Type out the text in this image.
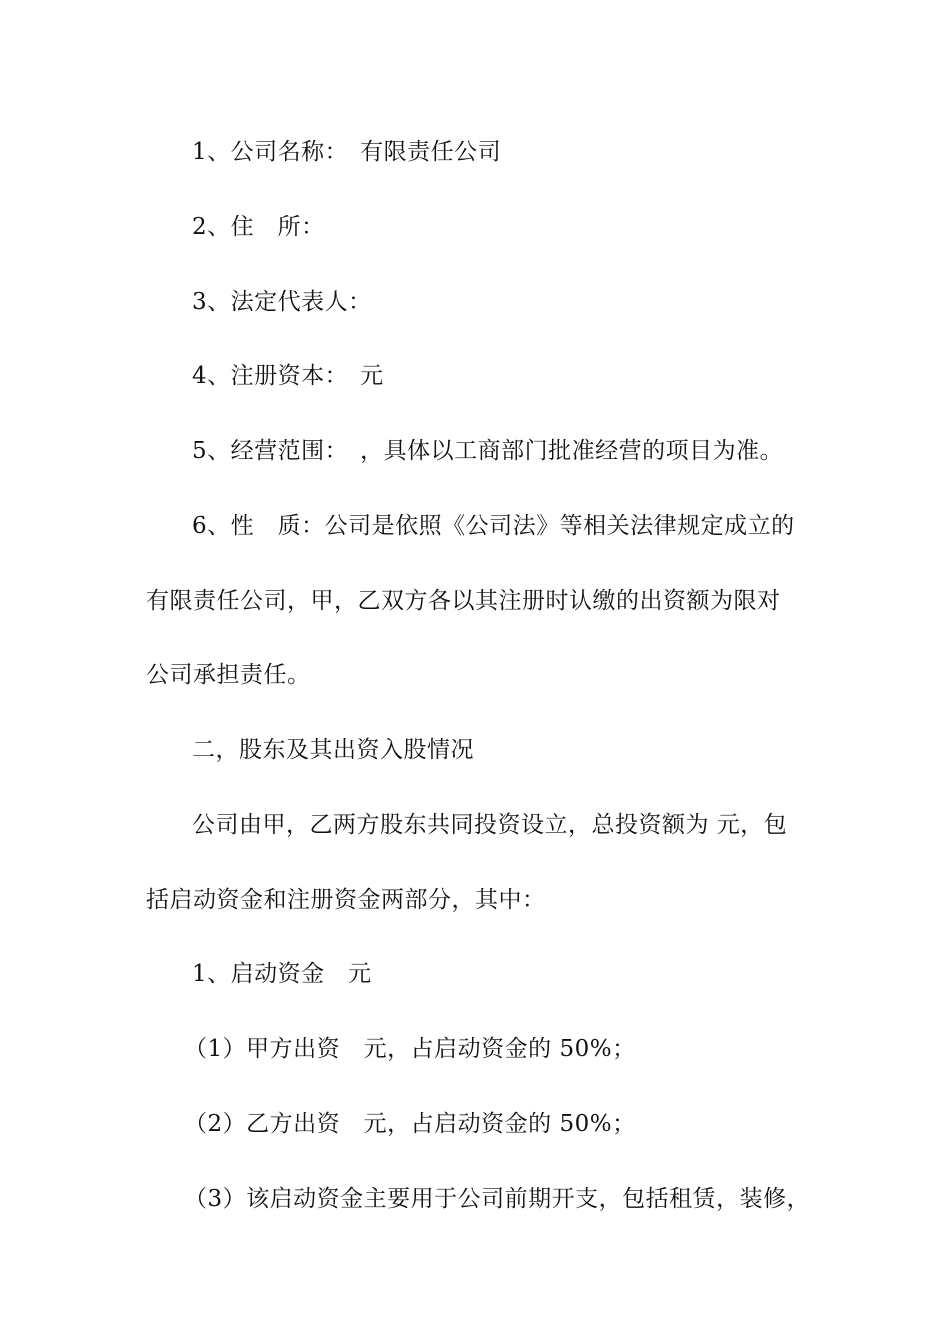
1、公司名称：　有限责任公司
2、住　所：
3、法定代表人：
4、注册资本：　元
5、经营范围：　，具体以工商部门批准经营的项目为准。
6、性　质：公司是依照《公司法》等相关法律规定成立的
有限责任公司，甲，乙双方各以其注册时认缴的出资额为限对
公司承担责任。
二，股东及其出资入股情况
公司由甲，乙两方股东共同投资设立，总投资额为 元，包
括启动资金和注册资金两部分，其中：
1、启动资金　元
（1）甲方出资　元，占启动资金的 50%；
（2）乙方出资　元，占启动资金的 50%；
（3）该启动资金主要用于公司前期开支，包括租赁，装修，
